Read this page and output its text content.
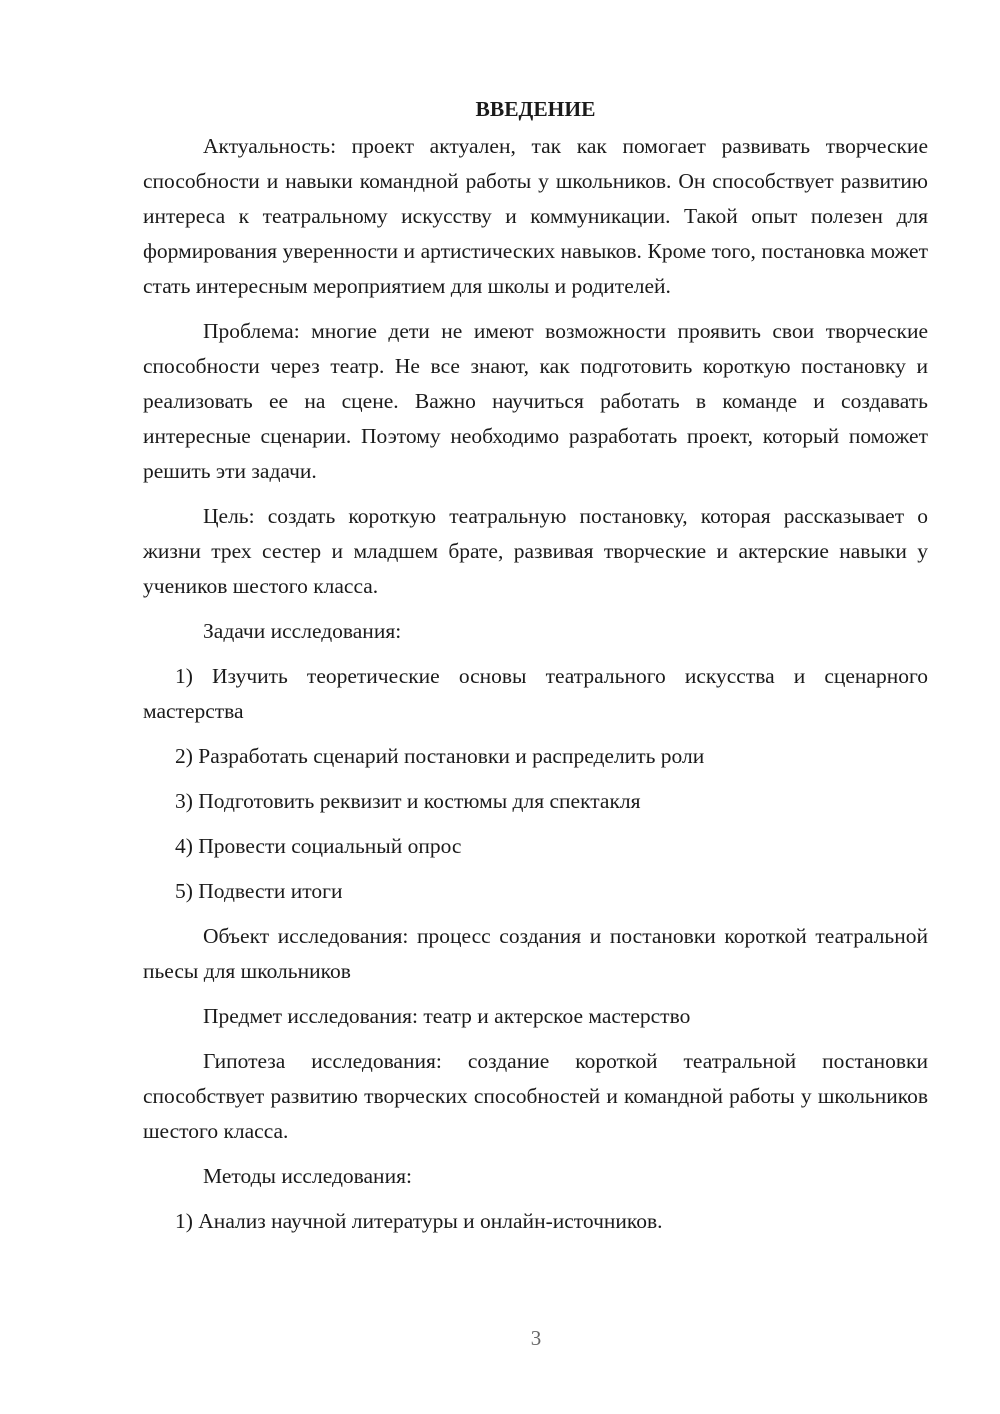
ВВЕДЕНИЕ

Актуальность: проект актуален, так как помогает развивать творческие способности и навыки командной работы у школьников. Он способствует развитию интереса к театральному искусству и коммуникации. Такой опыт полезен для формирования уверенности и артистических навыков. Кроме того, постановка может стать интересным мероприятием для школы и родителей.

Проблема: многие дети не имеют возможности проявить свои творческие способности через театр. Не все знают, как подготовить короткую постановку и реализовать ее на сцене. Важно научиться работать в команде и создавать интересные сценарии. Поэтому необходимо разработать проект, который поможет решить эти задачи.

Цель: создать короткую театральную постановку, которая рассказывает о жизни трех сестер и младшем брате, развивая творческие и актерские навыки у учеников шестого класса.

Задачи исследования:

1) Изучить теоретические основы театрального искусства и сценарного мастерства

2) Разработать сценарий постановки и распределить роли

3) Подготовить реквизит и костюмы для спектакля

4) Провести социальный опрос

5) Подвести итоги

Объект исследования: процесс создания и постановки короткой театральной пьесы для школьников

Предмет исследования: театр и актерское мастерство

Гипотеза исследования: создание короткой театральной постановки способствует развитию творческих способностей и командной работы у школьников шестого класса.

Методы исследования:

1) Анализ научной литературы и онлайн-источников.

3
